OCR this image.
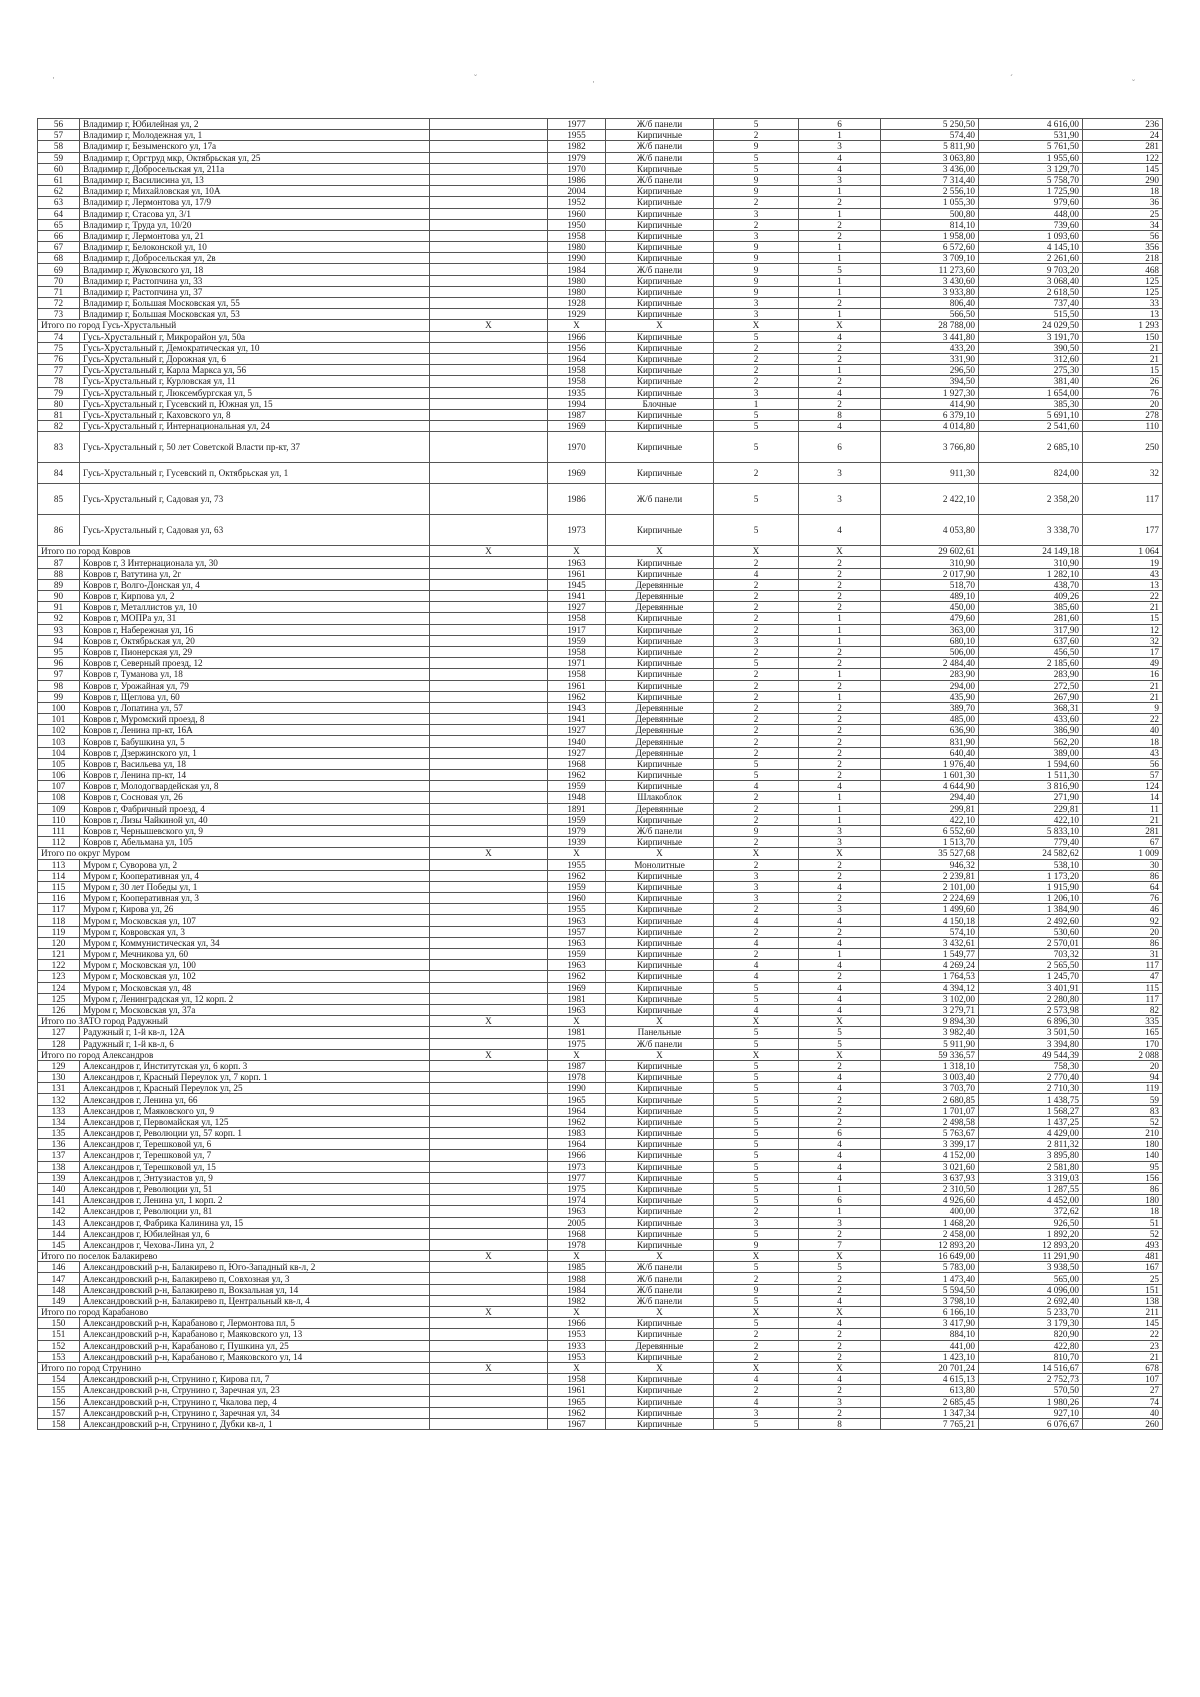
·	˘	·	ˊ	˘
56	Владимир г, Юбилейная ул, 2		1977	Ж/б панели	5	6	5 250,50	4 616,00	236
57	Владимир г, Молодежная ул, 1		1955	Кирпичные	2	1	574,40	531,90	24
58	Владимир г, Безыменского ул, 17а		1982	Ж/б панели	9	3	5 811,90	5 761,50	281
59	Владимир г, Оргтруд мкр, Октябрьская ул, 25		1979	Ж/б панели	5	4	3 063,80	1 955,60	122
60	Владимир г, Добросельская ул, 211а		1970	Кирпичные	5	4	3 436,00	3 129,70	145
61	Владимир г, Василисина ул, 13		1986	Ж/б панели	9	3	7 314,40	5 758,70	290
62	Владимир г, Михайловская ул, 10А		2004	Кирпичные	9	1	2 556,10	1 725,90	18
63	Владимир г, Лермонтова ул, 17/9		1952	Кирпичные	2	2	1 055,30	979,60	36
64	Владимир г, Стасова ул, 3/1		1960	Кирпичные	3	1	500,80	448,00	25
65	Владимир г, Труда ул, 10/20		1950	Кирпичные	2	2	814,10	739,60	34
66	Владимир г, Лермонтова ул, 21		1958	Кирпичные	3	2	1 958,00	1 093,60	56
67	Владимир г, Белоконской ул, 10		1980	Кирпичные	9	1	6 572,60	4 145,10	356
68	Владимир г, Добросельская ул, 2в		1990	Кирпичные	9	1	3 709,10	2 261,60	218
69	Владимир г, Жуковского ул, 18		1984	Ж/б панели	9	5	11 273,60	9 703,20	468
70	Владимир г, Растопчина ул, 33		1980	Кирпичные	9	1	3 430,60	3 068,40	125
71	Владимир г, Растопчина ул, 37		1980	Кирпичные	9	1	3 933,80	2 618,50	125
72	Владимир г, Большая Московская ул, 55		1928	Кирпичные	3	2	806,40	737,40	33
73	Владимир г, Большая Московская ул, 53		1929	Кирпичные	3	1	566,50	515,50	13
Итого по город Гусь-Хрустальный		X	X	X	X	X	28 788,00	24 029,50	1 293
74	Гусь-Хрустальный г, Микрорайон ул, 50а		1966	Кирпичные	5	4	3 441,80	3 191,70	150
75	Гусь-Хрустальный г, Демократическая ул, 10		1956	Кирпичные	2	2	433,20	390,50	21
76	Гусь-Хрустальный г, Дорожная ул, 6		1964	Кирпичные	2	2	331,90	312,60	21
77	Гусь-Хрустальный г, Карла Маркса ул, 56		1958	Кирпичные	2	1	296,50	275,30	15
78	Гусь-Хрустальный г, Курловская ул, 11		1958	Кирпичные	2	2	394,50	381,40	26
79	Гусь-Хрустальный г, Люксембургская ул, 5		1935	Кирпичные	3	4	1 927,30	1 654,00	76
80	Гусь-Хрустальный г, Гусевский п, Южная ул, 15		1994	Блочные	1	2	414,90	385,30	20
81	Гусь-Хрустальный г, Каховского ул, 8		1987	Кирпичные	5	8	6 379,10	5 691,10	278
82	Гусь-Хрустальный г, Интернациональная ул, 24		1969	Кирпичные	5	4	4 014,80	2 541,60	110
83	Гусь-Хрустальный г, 50 лет Советской Власти пр-кт, 37		1970	Кирпичные	5	6	3 766,80	2 685,10	250
84	Гусь-Хрустальный г, Гусевский п, Октябрьская ул, 1		1969	Кирпичные	2	3	911,30	824,00	32
85	Гусь-Хрустальный г, Садовая ул, 73		1986	Ж/б панели	5	3	2 422,10	2 358,20	117
86	Гусь-Хрустальный г, Садовая ул, 63		1973	Кирпичные	5	4	4 053,80	3 338,70	177
Итого по город Ковров		X	X	X	X	X	29 602,61	24 149,18	1 064
87	Ковров г, 3 Интернационала ул, 30		1963	Кирпичные	2	2	310,90	310,90	19
88	Ковров г, Ватутина ул, 2г		1961	Кирпичные	4	2	2 017,90	1 282,10	43
89	Ковров г, Волго-Донская ул, 4		1945	Деревянные	2	2	518,70	438,70	13
90	Ковров г, Кирпова ул, 2		1941	Деревянные	2	2	489,10	409,26	22
91	Ковров г, Металлистов ул, 10		1927	Деревянные	2	2	450,00	385,60	21
92	Ковров г, МОПРа ул, 31		1958	Кирпичные	2	1	479,60	281,60	15
93	Ковров г, Набережная ул, 16		1917	Кирпичные	2	1	363,00	317,90	12
94	Ковров г, Октябрьская ул, 20		1959	Кирпичные	3	1	680,10	637,60	32
95	Ковров г, Пионерская ул, 29		1958	Кирпичные	2	2	506,00	456,50	17
96	Ковров г, Северный проезд, 12		1971	Кирпичные	5	2	2 484,40	2 185,60	49
97	Ковров г, Туманова ул, 18		1958	Кирпичные	2	1	283,90	283,90	16
98	Ковров г, Урожайная ул, 79		1961	Кирпичные	2	2	294,00	272,50	21
99	Ковров г, Щеглова ул, 60		1962	Кирпичные	2	1	435,90	267,90	21
100	Ковров г, Лопатина ул, 57		1943	Деревянные	2	2	389,70	368,31	9
101	Ковров г, Муромский проезд, 8		1941	Деревянные	2	2	485,00	433,60	22
102	Ковров г, Ленина пр-кт, 16А		1927	Деревянные	2	2	636,90	386,90	40
103	Ковров г, Бабушкина ул, 5		1940	Деревянные	2	2	831,90	562,20	18
104	Ковров г, Дзержинского ул, 1		1927	Деревянные	2	2	640,40	389,00	43
105	Ковров г, Васильева ул, 18		1968	Кирпичные	5	2	1 976,40	1 594,60	56
106	Ковров г, Ленина пр-кт, 14		1962	Кирпичные	5	2	1 601,30	1 511,30	57
107	Ковров г, Молодогвардейская ул, 8		1959	Кирпичные	4	4	4 644,90	3 816,90	124
108	Ковров г, Сосновая ул, 26		1948	Шлакоблок	2	1	294,40	271,90	14
109	Ковров г, Фабричный проезд, 4		1891	Деревянные	2	1	299,81	229,81	11
110	Ковров г, Лизы Чайкиной ул, 40		1959	Кирпичные	2	1	422,10	422,10	21
111	Ковров г, Чернышевского ул, 9		1979	Ж/б панели	9	3	6 552,60	5 833,10	281
112	Ковров г, Абельмана ул, 105		1939	Кирпичные	2	3	1 513,70	779,40	67
Итого по округ Муром		X	X	X	X	X	35 527,68	24 582,62	1 009
113	Муром г, Суворова ул, 2		1955	Монолитные	2	2	946,32	538,10	30
114	Муром г, Кооперативная ул, 4		1962	Кирпичные	3	2	2 239,81	1 173,20	86
115	Муром г, 30 лет Победы ул, 1		1959	Кирпичные	3	4	2 101,00	1 915,90	64
116	Муром г, Кооперативная ул, 3		1960	Кирпичные	3	2	2 224,69	1 206,10	76
117	Муром г, Кирова ул, 26		1955	Кирпичные	2	3	1 499,60	1 384,90	46
118	Муром г, Московская ул, 107		1963	Кирпичные	4	4	4 150,18	2 492,60	92
119	Муром г, Ковровская ул, 3		1957	Кирпичные	2	2	574,10	530,60	20
120	Муром г, Коммунистическая ул, 34		1963	Кирпичные	4	4	3 432,61	2 570,01	86
121	Муром г, Мечникова ул, 60		1959	Кирпичные	2	1	1 549,77	703,32	31
122	Муром г, Московская ул, 100		1963	Кирпичные	4	4	4 269,24	2 565,50	117
123	Муром г, Московская ул, 102		1962	Кирпичные	4	2	1 764,53	1 245,70	47
124	Муром г, Московская ул, 48		1969	Кирпичные	5	4	4 394,12	3 401,91	115
125	Муром г, Ленинградская ул, 12 корп. 2		1981	Кирпичные	5	4	3 102,00	2 280,80	117
126	Муром г, Московская ул, 37а		1963	Кирпичные	4	4	3 279,71	2 573,98	82
Итого по ЗАТО город Радужный		X	X	X	X	X	9 894,30	6 896,30	335
127	Радужный г, 1-й кв-л, 12А		1981	Панельные	5	5	3 982,40	3 501,50	165
128	Радужный г, 1-й кв-л, 6		1975	Ж/б панели	5	5	5 911,90	3 394,80	170
Итого по город Александров		X	X	X	X	X	59 336,57	49 544,39	2 088
129	Александров г, Институтская ул, 6 корп. 3		1987	Кирпичные	5	2	1 318,10	758,30	20
130	Александров г, Красный Переулок ул, 7 корп. 1		1978	Кирпичные	5	4	3 003,40	2 770,40	94
131	Александров г, Красный Переулок ул, 25		1990	Кирпичные	5	4	3 703,70	2 710,30	119
132	Александров г, Ленина ул, 66		1965	Кирпичные	5	2	2 680,85	1 438,75	59
133	Александров г, Маяковского ул, 9		1964	Кирпичные	5	2	1 701,07	1 568,27	83
134	Александров г, Первомайская ул, 125		1962	Кирпичные	5	2	2 498,58	1 437,25	52
135	Александров г, Революции ул, 57 корп. 1		1983	Кирпичные	5	6	5 763,67	4 429,00	210
136	Александров г, Терешковой ул, 6		1964	Кирпичные	5	4	3 399,17	2 811,32	180
137	Александров г, Терешковой ул, 7		1966	Кирпичные	5	4	4 152,00	3 895,80	140
138	Александров г, Терешковой ул, 15		1973	Кирпичные	5	4	3 021,60	2 581,80	95
139	Александров г, Энтузиастов ул, 9		1977	Кирпичные	5	4	3 637,93	3 319,03	156
140	Александров г, Революции ул, 51		1975	Кирпичные	5	1	2 310,50	1 287,55	86
141	Александров г, Ленина ул, 1 корп. 2		1974	Кирпичные	5	6	4 926,60	4 452,00	180
142	Александров г, Революции ул, 81		1963	Кирпичные	2	1	400,00	372,62	18
143	Александров г, Фабрика Калинина ул, 15		2005	Кирпичные	3	3	1 468,20	926,50	51
144	Александров г, Юбилейная ул, 6		1968	Кирпичные	5	2	2 458,00	1 892,20	52
145	Александров г, Чехова-Лина ул, 2		1978	Кирпичные	9	7	12 893,20	12 893,20	493
Итого по поселок Балакирево		X	X	X	X	X	16 649,00	11 291,90	481
146	Александровский р-н, Балакирево п, Юго-Западный кв-л, 2		1985	Ж/б панели	5	5	5 783,00	3 938,50	167
147	Александровский р-н, Балакирево п, Совхозная ул, 3		1988	Ж/б панели	2	2	1 473,40	565,00	25
148	Александровский р-н, Балакирево п, Вокзальная ул, 14		1984	Ж/б панели	9	2	5 594,50	4 096,00	151
149	Александровский р-н, Балакирево п, Центральный кв-л, 4		1982	Ж/б панели	5	4	3 798,10	2 692,40	138
Итого по город Карабаново		X	X	X	X	X	6 166,10	5 233,70	211
150	Александровский р-н, Карабаново г, Лермонтова пл, 5		1966	Кирпичные	5	4	3 417,90	3 179,30	145
151	Александровский р-н, Карабаново г, Маяковского ул, 13		1953	Кирпичные	2	2	884,10	820,90	22
152	Александровский р-н, Карабаново г, Пушкина ул, 25		1933	Деревянные	2	2	441,00	422,80	23
153	Александровский р-н, Карабаново г, Маяковского ул, 14		1953	Кирпичные	2	2	1 423,10	810,70	21
Итого по город Струнино		X	X	X	X	X	20 701,24	14 516,67	678
154	Александровский р-н, Струнино г, Кирова пл, 7		1958	Кирпичные	4	4	4 615,13	2 752,73	107
155	Александровский р-н, Струнино г, Заречная ул, 23		1961	Кирпичные	2	2	613,80	570,50	27
156	Александровский р-н, Струнино г, Чкалова пер, 4		1965	Кирпичные	4	3	2 685,45	1 980,26	74
157	Александровский р-н, Струнино г, Заречная ул, 34		1962	Кирпичные	3	2	1 347,34	927,10	40
158	Александровский р-н, Струнино г, Дубки кв-л, 1		1967	Кирпичные	5	8	7 765,21	6 076,67	260
